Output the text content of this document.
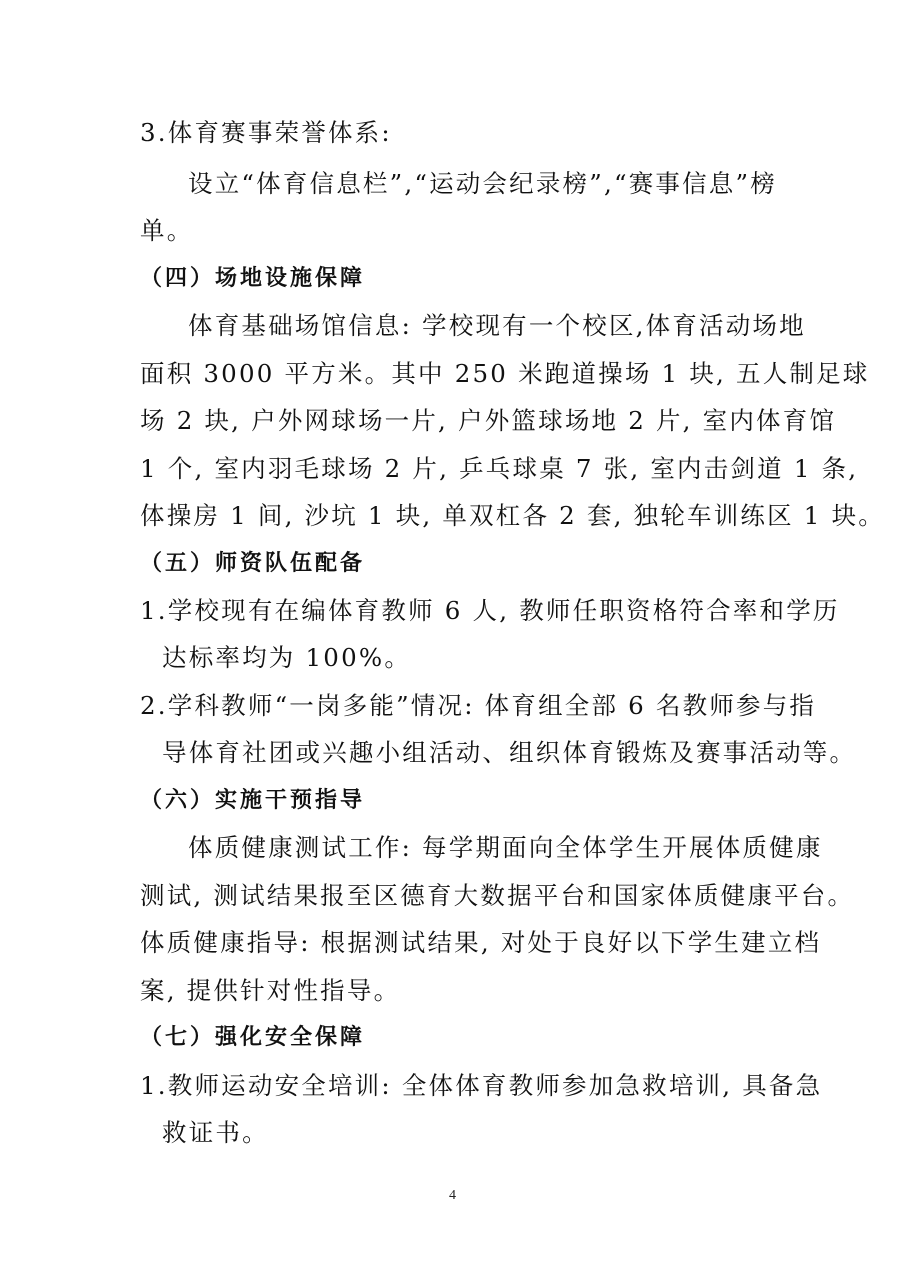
3.体育赛事荣誉体系:
设立“体育信息栏”,“运动会纪录榜”,“赛事信息”榜
单。
（四）场地设施保障
体育基础场馆信息: 学校现有一个校区,体育活动场地
面积 3000 平方米。其中 250 米跑道操场 1 块, 五人制足球
场 2 块, 户外网球场一片, 户外篮球场地 2 片, 室内体育馆
1 个, 室内羽毛球场 2 片, 乒乓球桌 7 张, 室内击剑道 1 条,
体操房 1 间, 沙坑 1 块, 单双杠各 2 套, 独轮车训练区 1 块。
（五）师资队伍配备
1.学校现有在编体育教师 6 人, 教师任职资格符合率和学历
达标率均为 100%。
2.学科教师“一岗多能”情况: 体育组全部 6 名教师参与指
导体育社团或兴趣小组活动、组织体育锻炼及赛事活动等。
（六）实施干预指导
体质健康测试工作: 每学期面向全体学生开展体质健康
测试, 测试结果报至区德育大数据平台和国家体质健康平台。
体质健康指导: 根据测试结果, 对处于良好以下学生建立档
案, 提供针对性指导。
（七）强化安全保障
1.教师运动安全培训: 全体体育教师参加急救培训, 具备急
救证书。
4
